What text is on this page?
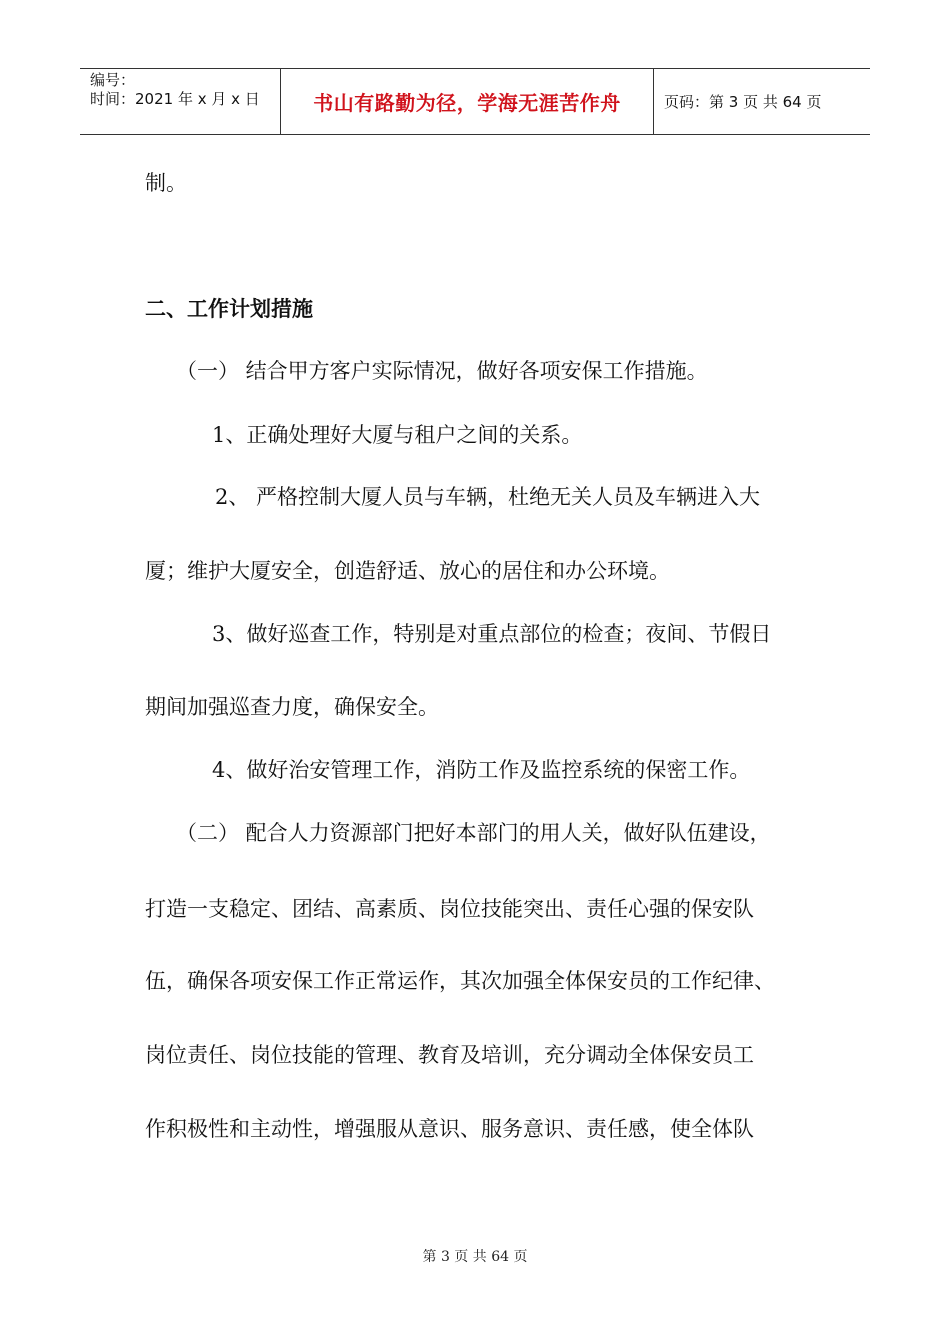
编号：
时间：2021 年 x 月 x 日	书山有路勤为径，学海无涯苦作舟	页码：第 3 页 共 64 页
制。
二、工作计划措施
（一） 结合甲方客户实际情况，做好各项安保工作措施。
1、正确处理好大厦与租户之间的关系。
2、 严格控制大厦人员与车辆，杜绝无关人员及车辆进入大
厦；维护大厦安全，创造舒适、放心的居住和办公环境。
3、做好巡查工作，特别是对重点部位的检查；夜间、节假日
期间加强巡查力度，确保安全。
4、做好治安管理工作，消防工作及监控系统的保密工作。
（二） 配合人力资源部门把好本部门的用人关，做好队伍建设，
打造一支稳定、团结、高素质、岗位技能突出、责任心强的保安队
伍，确保各项安保工作正常运作，其次加强全体保安员的工作纪律、
岗位责任、岗位技能的管理、教育及培训，充分调动全体保安员工
作积极性和主动性，增强服从意识、服务意识、责任感，使全体队
第 3 页 共 64 页
